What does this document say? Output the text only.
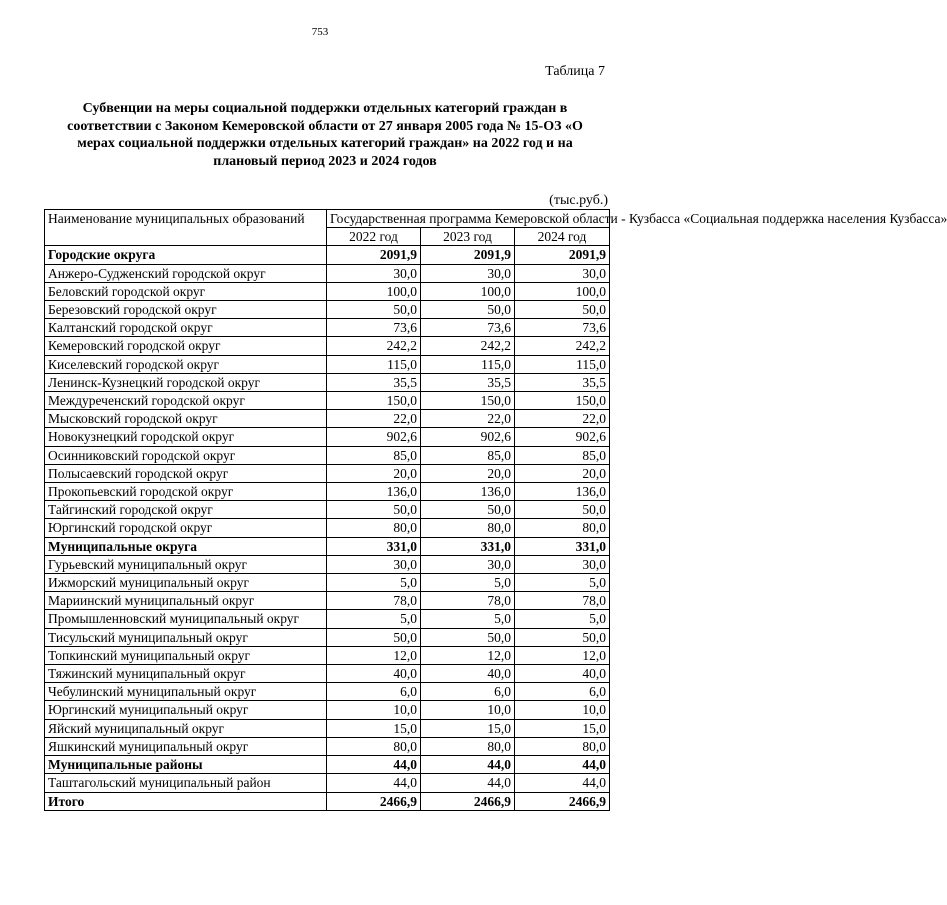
753
Таблица 7
Субвенции на меры социальной поддержки отдельных категорий граждан в соответствии с Законом Кемеровской области от 27 января 2005 года № 15-ОЗ «О мерах социальной поддержки отдельных категорий граждан» на 2022 год и на плановый период 2023 и 2024 годов
(тыс.руб.)
Наименование муниципальных образований	Государственная программа Кемеровской области - Кузбасса «Социальная поддержка населения Кузбасса»		
	2022 год	2023 год	2024 год
Городские округа	2091,9	2091,9	2091,9
Анжеро-Судженский городской округ	30,0	30,0	30,0
Беловский городской округ	100,0	100,0	100,0
Березовский городской округ	50,0	50,0	50,0
Калтанский городской округ	73,6	73,6	73,6
Кемеровский городской округ	242,2	242,2	242,2
Киселевский городской округ	115,0	115,0	115,0
Ленинск-Кузнецкий городской округ	35,5	35,5	35,5
Междуреченский городской округ	150,0	150,0	150,0
Мысковский городской округ	22,0	22,0	22,0
Новокузнецкий городской округ	902,6	902,6	902,6
Осинниковский городской округ	85,0	85,0	85,0
Полысаевский городской округ	20,0	20,0	20,0
Прокопьевский городской округ	136,0	136,0	136,0
Тайгинский городской округ	50,0	50,0	50,0
Юргинский городской округ	80,0	80,0	80,0
Муниципальные округа	331,0	331,0	331,0
Гурьевский муниципальный округ	30,0	30,0	30,0
Ижморский муниципальный округ	5,0	5,0	5,0
Мариинский муниципальный округ	78,0	78,0	78,0
Промышленновский муниципальный округ	5,0	5,0	5,0
Тисульский муниципальный округ	50,0	50,0	50,0
Топкинский муниципальный округ	12,0	12,0	12,0
Тяжинский муниципальный округ	40,0	40,0	40,0
Чебулинский муниципальный округ	6,0	6,0	6,0
Юргинский муниципальный округ	10,0	10,0	10,0
Яйский муниципальный округ	15,0	15,0	15,0
Яшкинский муниципальный округ	80,0	80,0	80,0
Муниципальные районы	44,0	44,0	44,0
Таштагольский муниципальный район	44,0	44,0	44,0
Итого	2466,9	2466,9	2466,9
